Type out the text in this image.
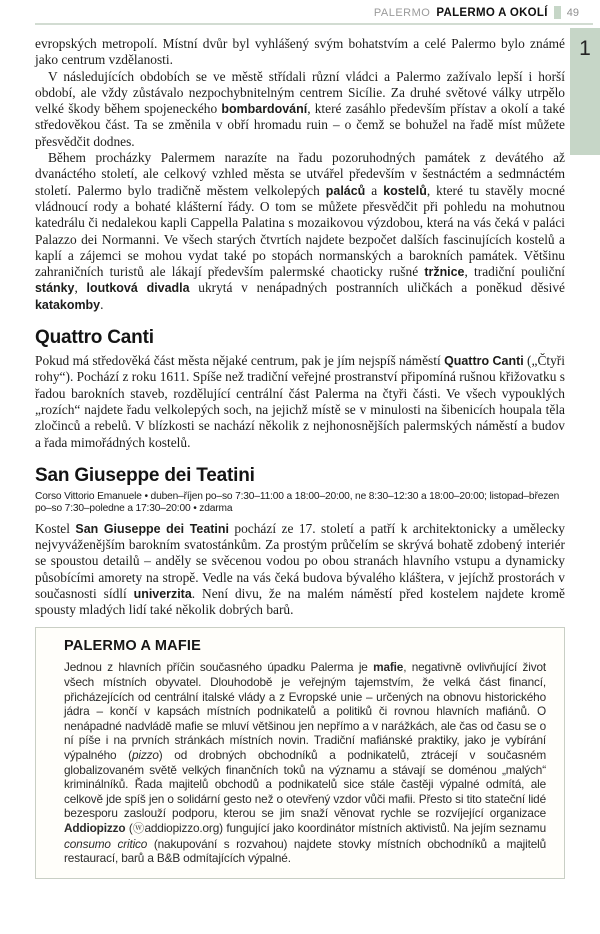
PALERMO PALERMO A OKOLÍ 49
1

evropských metropolí. Místní dvůr byl vyhlášený svým bohatstvím a celé Palermo bylo známé jako centrum vzdělanosti.

V následujících obdobích se ve městě střídali různí vládci a Palermo zažívalo lepší i horší období, ale vždy zůstávalo nezpochybnitelným centrem Sicílie. Za druhé světové války utrpělo velké škody během spojeneckého bombardování, které zasáhlo především přístav a okolí a také středověkou část. Ta se změnila v obří hromadu ruin – o čemž se bohužel na řadě míst můžete přesvědčit dodnes.

Během procházky Palermem narazíte na řadu pozoruhodných památek z devátého až dvanáctého století, ale celkový vzhled města se utvářel především v šestnáctém a sedmnáctém století. Palermo bylo tradičně městem velkolepých paláců a kostelů, které tu stavěly mocné vládnoucí rody a bohaté klášterní řády. O tom se můžete přesvědčit při pohledu na mohutnou katedrálu či nedalekou kapli Cappella Palatina s mozaikovou výzdobou, která na vás čeká v paláci Palazzo dei Normanni. Ve všech starých čtvrtích najdete bezpočet dalších fascinujících kostelů a kaplí a zájemci se mohou vydat také po stopách normanských a barokních památek. Většinu zahraničních turistů ale lákají především palermské chaoticky rušné tržnice, tradiční pouliční stánky, loutková divadla ukrytá v nenápadných postranních uličkách a poněkud děsivé katakomby.

Quattro Canti

Pokud má středověká část města nějaké centrum, pak je jím nejspíš náměstí Quattro Canti („Čtyři rohy“). Pochází z roku 1611. Spíše než tradiční veřejné prostranství připomíná rušnou křižovatku s řadou barokních staveb, rozdělující centrální část Palerma na čtyři části. Ve všech vypouklých „rozích“ najdete řadu velkolepých soch, na jejichž místě se v minulosti na šibenicích houpala těla zločinců a rebelů. V blízkosti se nachází několik z nejhonosnějších palermských náměstí a budov a řada mimořádných kostelů.

San Giuseppe dei Teatini

Corso Vittorio Emanuele • duben–říjen po–so 7:30–11:00 a 18:00–20:00, ne 8:30–12:30 a 18:00–20:00; listopad–březen po–so 7:30–poledne a 17:30–20:00 • zdarma

Kostel San Giuseppe dei Teatini pochází ze 17. století a patří k architektonicky a umělecky nejvyváženějším barokním svatostánkům. Za prostým průčelím se skrývá bohatě zdobený interiér se spoustou detailů – anděly se svěcenou vodou po obou stranách hlavního vstupu a dynamicky působícími amorety na stropě. Vedle na vás čeká budova bývalého kláštera, v jejíchž prostorách v současnosti sídlí univerzita. Není divu, že na malém náměstí před kostelem najdete kromě spousty mladých lidí také několik dobrých barů.

PALERMO A MAFIE

Jednou z hlavních příčin současného úpadku Palerma je mafie, negativně ovlivňující život všech místních obyvatel. Dlouhodobě je veřejným tajemstvím, že velká část financí, přicházejících od centrální italské vlády a z Evropské unie – určených na obnovu historického jádra – končí v kapsách místních podnikatelů a politiků či rovnou hlavních mafiánů. O nenápadné nadvládě mafie se mluví většinou jen nepřímo a v narážkách, ale čas od času se o ní píše i na prvních stránkách místních novin. Tradiční mafiánské praktiky, jako je vybírání výpalného (pizzo) od drobných obchodníků a podnikatelů, ztrácejí v současném globalizovaném světě velkých finančních toků na významu a stávají se doménou „malých“ kriminálníků. Řada majitelů obchodů a podnikatelů sice stále častěji výpalné odmítá, ale celkově jde spíš jen o solidární gesto než o otevřený vzdor vůči mafii. Přesto si tito stateční lidé bezesporu zaslouží podporu, kterou se jim snaží věnovat rychle se rozvíjející organizace Addiopizzo (ⓦaddiopizzo.org) fungující jako koordinátor místních aktivistů. Na jejím seznamu consumo critico (nakupování s rozvahou) najdete stovky místních obchodníků a majitelů restaurací, barů a B&B odmítajících výpalné.
